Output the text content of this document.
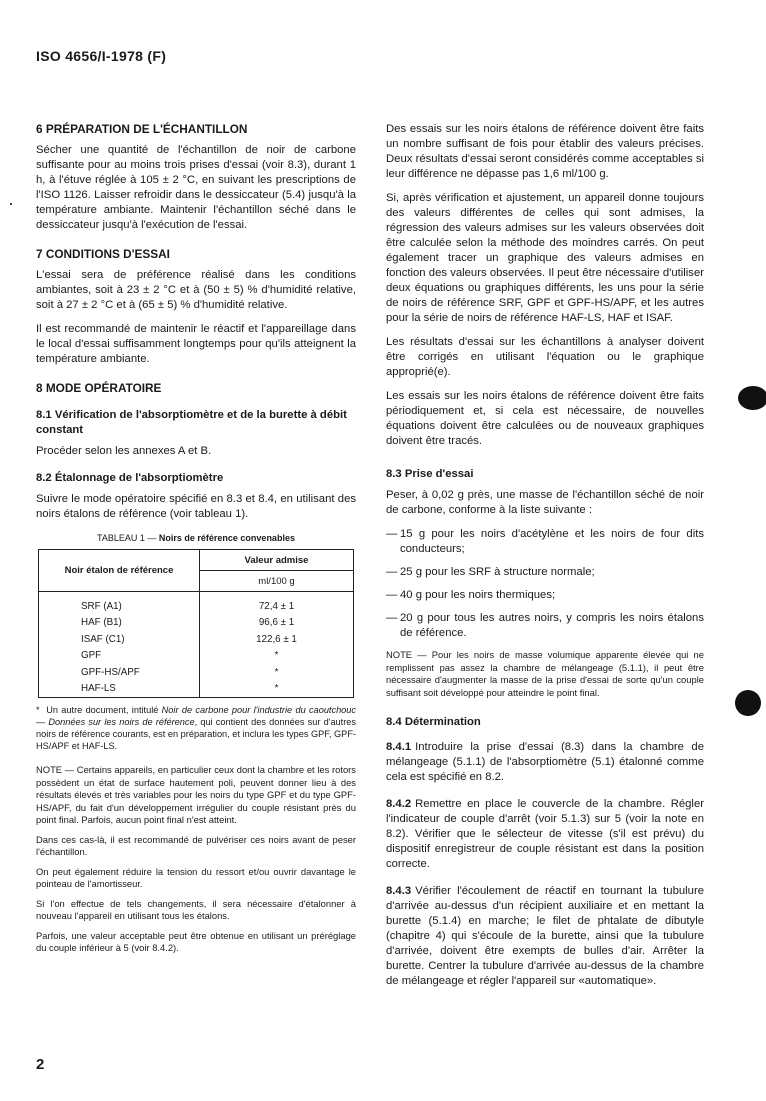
ISO 4656/I-1978 (F)
6 PRÉPARATION DE L'ÉCHANTILLON

Sécher une quantité de l'échantillon de noir de carbone suffisante pour au moins trois prises d'essai (voir 8.3), durant 1 h, à l'étuve réglée à 105 ± 2 °C, en suivant les prescriptions de l'ISO 1126. Laisser refroidir dans le dessiccateur (5.4) jusqu'à la température ambiante. Maintenir l'échantillon séché dans le dessiccateur jusqu'à l'exécution de l'essai.

7 CONDITIONS D'ESSAI

L'essai sera de préférence réalisé dans les conditions ambiantes, soit à 23 ± 2 °C et à (50 ± 5) % d'humidité relative, soit à 27 ± 2 °C et à (65 ± 5) % d'humidité relative.

Il est recommandé de maintenir le réactif et l'appareillage dans le local d'essai suffisamment longtemps pour qu'ils atteignent la température ambiante.

8 MODE OPÉRATOIRE
8.1 Vérification de l'absorptiomètre et de la burette à débit constant

Procéder selon les annexes A et B.

8.2 Étalonnage de l'absorptiomètre

Suivre le mode opératoire spécifié en 8.3 et 8.4, en utilisant des noirs étalons de référence (voir tableau 1).

TABLEAU 1 — Noirs de référence convenables
Noir étalon de référence	Valeur admise
	ml/100 g
SRF (A1)	72,4 ± 1
HAF (B1)	96,6 ± 1
ISAF (C1)	122,6 ± 1
GPF	*
GPF-HS/APF	*
HAF-LS	*
* Un autre document, intitulé Noir de carbone pour l'industrie du caoutchouc — Données sur les noirs de référence, qui contient des données sur d'autres noirs de référence courants, est en préparation, et inclura les types GPF, GPF-HS/APF et HAF-LS.

NOTE — Certains appareils, en particulier ceux dont la chambre et les rotors possèdent un état de surface hautement poli, peuvent donner lieu à des résultats élevés et très variables pour les noirs du type GPF et du type GPF-HS/APF, du fait d'un développement irrégulier du couple résistant près du point final. Parfois, aucun point final n'est atteint.

Dans ces cas-là, il est recommandé de pulvériser ces noirs avant de peser l'échantillon.

On peut également réduire la tension du ressort et/ou ouvrir davantage le pointeau de l'amortisseur.

Si l'on effectue de tels changements, il sera nécessaire d'étalonner à nouveau l'appareil en utilisant tous les étalons.

Parfois, une valeur acceptable peut être obtenue en utilisant un préréglage du couple inférieur à 5 (voir 8.4.2).

Des essais sur les noirs étalons de référence doivent être faits un nombre suffisant de fois pour établir des valeurs précises. Deux résultats d'essai seront considérés comme acceptables si leur différence ne dépasse pas 1,6 ml/100 g.

Si, après vérification et ajustement, un appareil donne toujours des valeurs différentes de celles qui sont admises, la régression des valeurs admises sur les valeurs observées doit être calculée selon la méthode des moindres carrés. On peut également tracer un graphique des valeurs admises en fonction des valeurs observées. Il peut être nécessaire d'utiliser deux équations ou graphiques différents, les uns pour la série de noirs de référence SRF, GPF et GPF-HS/APF, et les autres pour la série de noirs de référence HAF-LS, HAF et ISAF.

Les résultats d'essai sur les échantillons à analyser doivent être corrigés en utilisant l'équation ou le graphique approprié(e).

Les essais sur les noirs étalons de référence doivent être faits périodiquement et, si cela est nécessaire, de nouvelles équations doivent être calculées ou de nouveaux graphiques doivent être tracés.

8.3 Prise d'essai

Peser, à 0,02 g près, une masse de l'échantillon séché de noir de carbone, conforme à la liste suivante :

— 15 g pour les noirs d'acétylène et les noirs de four dits conducteurs;
— 25 g pour les SRF à structure normale;
— 40 g pour les noirs thermiques;
— 20 g pour tous les autres noirs, y compris les noirs étalons de référence.

NOTE — Pour les noirs de masse volumique apparente élevée qui ne remplissent pas assez la chambre de mélangeage (5.1.1), il peut être nécessaire d'augmenter la masse de la prise d'essai de sorte qu'un couple suffisant soit développé pour atteindre le point final.

8.4 Détermination

8.4.1 Introduire la prise d'essai (8.3) dans la chambre de mélangeage (5.1.1) de l'absorptiomètre (5.1) étalonné comme cela est spécifié en 8.2.

8.4.2 Remettre en place le couvercle de la chambre. Régler l'indicateur de couple d'arrêt (voir 5.1.3) sur 5 (voir la note en 8.2). Vérifier que le sélecteur de vitesse (s'il est prévu) du dispositif enregistreur de couple résistant est dans la position correcte.

8.4.3 Vérifier l'écoulement de réactif en tournant la tubulure d'arrivée au-dessus d'un récipient auxiliaire et en mettant la burette (5.1.4) en marche; le filet de phtalate de dibutyle (chapitre 4) qui s'écoule de la burette, ainsi que la tubulure d'arrivée, doivent être exempts de bulles d'air. Arrêter la burette. Centrer la tubulure d'arrivée au-dessus de la chambre de mélangeage et régler l'appareil sur «automatique».

2
